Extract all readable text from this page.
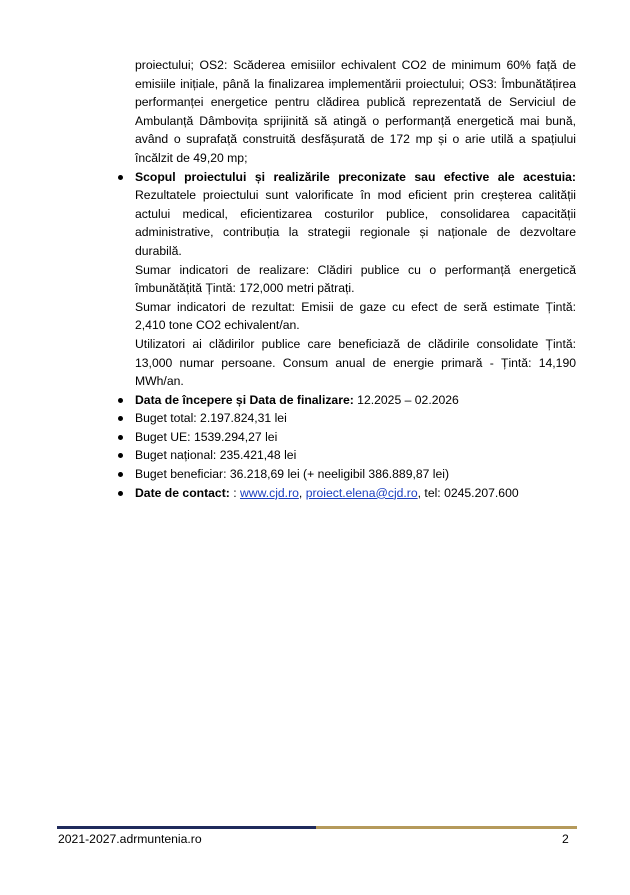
proiectului; OS2: Scăderea emisiilor echivalent CO2 de minimum 60% față de emisiile inițiale, până la finalizarea implementării proiectului; OS3: Îmbunătățirea performanței energetice pentru clădirea publică reprezentată de Serviciul de Ambulanță Dâmbovița sprijinită să atingă o performanță energetică mai bună, având o suprafață construită desfășurată de 172 mp și o arie utilă a spațiului încălzit de 49,20 mp;

Scopul proiectului și realizările preconizate sau efective ale acestuia: Rezultatele proiectului sunt valorificate în mod eficient prin creșterea calității actului medical, eficientizarea costurilor publice, consolidarea capacității administrative, contribuția la strategii regionale și naționale de dezvoltare durabilă.

Sumar indicatori de realizare: Clădiri publice cu o performanță energetică îmbunătățită Țintă: 172,000 metri pătrați.

Sumar indicatori de rezultat: Emisii de gaze cu efect de seră estimate Țintă: 2,410 tone CO2 echivalent/an.

Utilizatori ai clădirilor publice care beneficiază de clădirile consolidate Țintă: 13,000 numar persoane. Consum anual de energie primară - Țintă: 14,190 MWh/an.

Data de începere și Data de finalizare: 12.2025 – 02.2026
Buget total: 2.197.824,31 lei
Buget UE: 1539.294,27 lei
Buget național: 235.421,48 lei
Buget beneficiar: 36.218,69 lei (+ neeligibil 386.889,87 lei)
Date de contact: : www.cjd.ro, proiect.elena@cjd.ro, tel: 0245.207.600
2021-2027.adrmuntenia.ro	2
